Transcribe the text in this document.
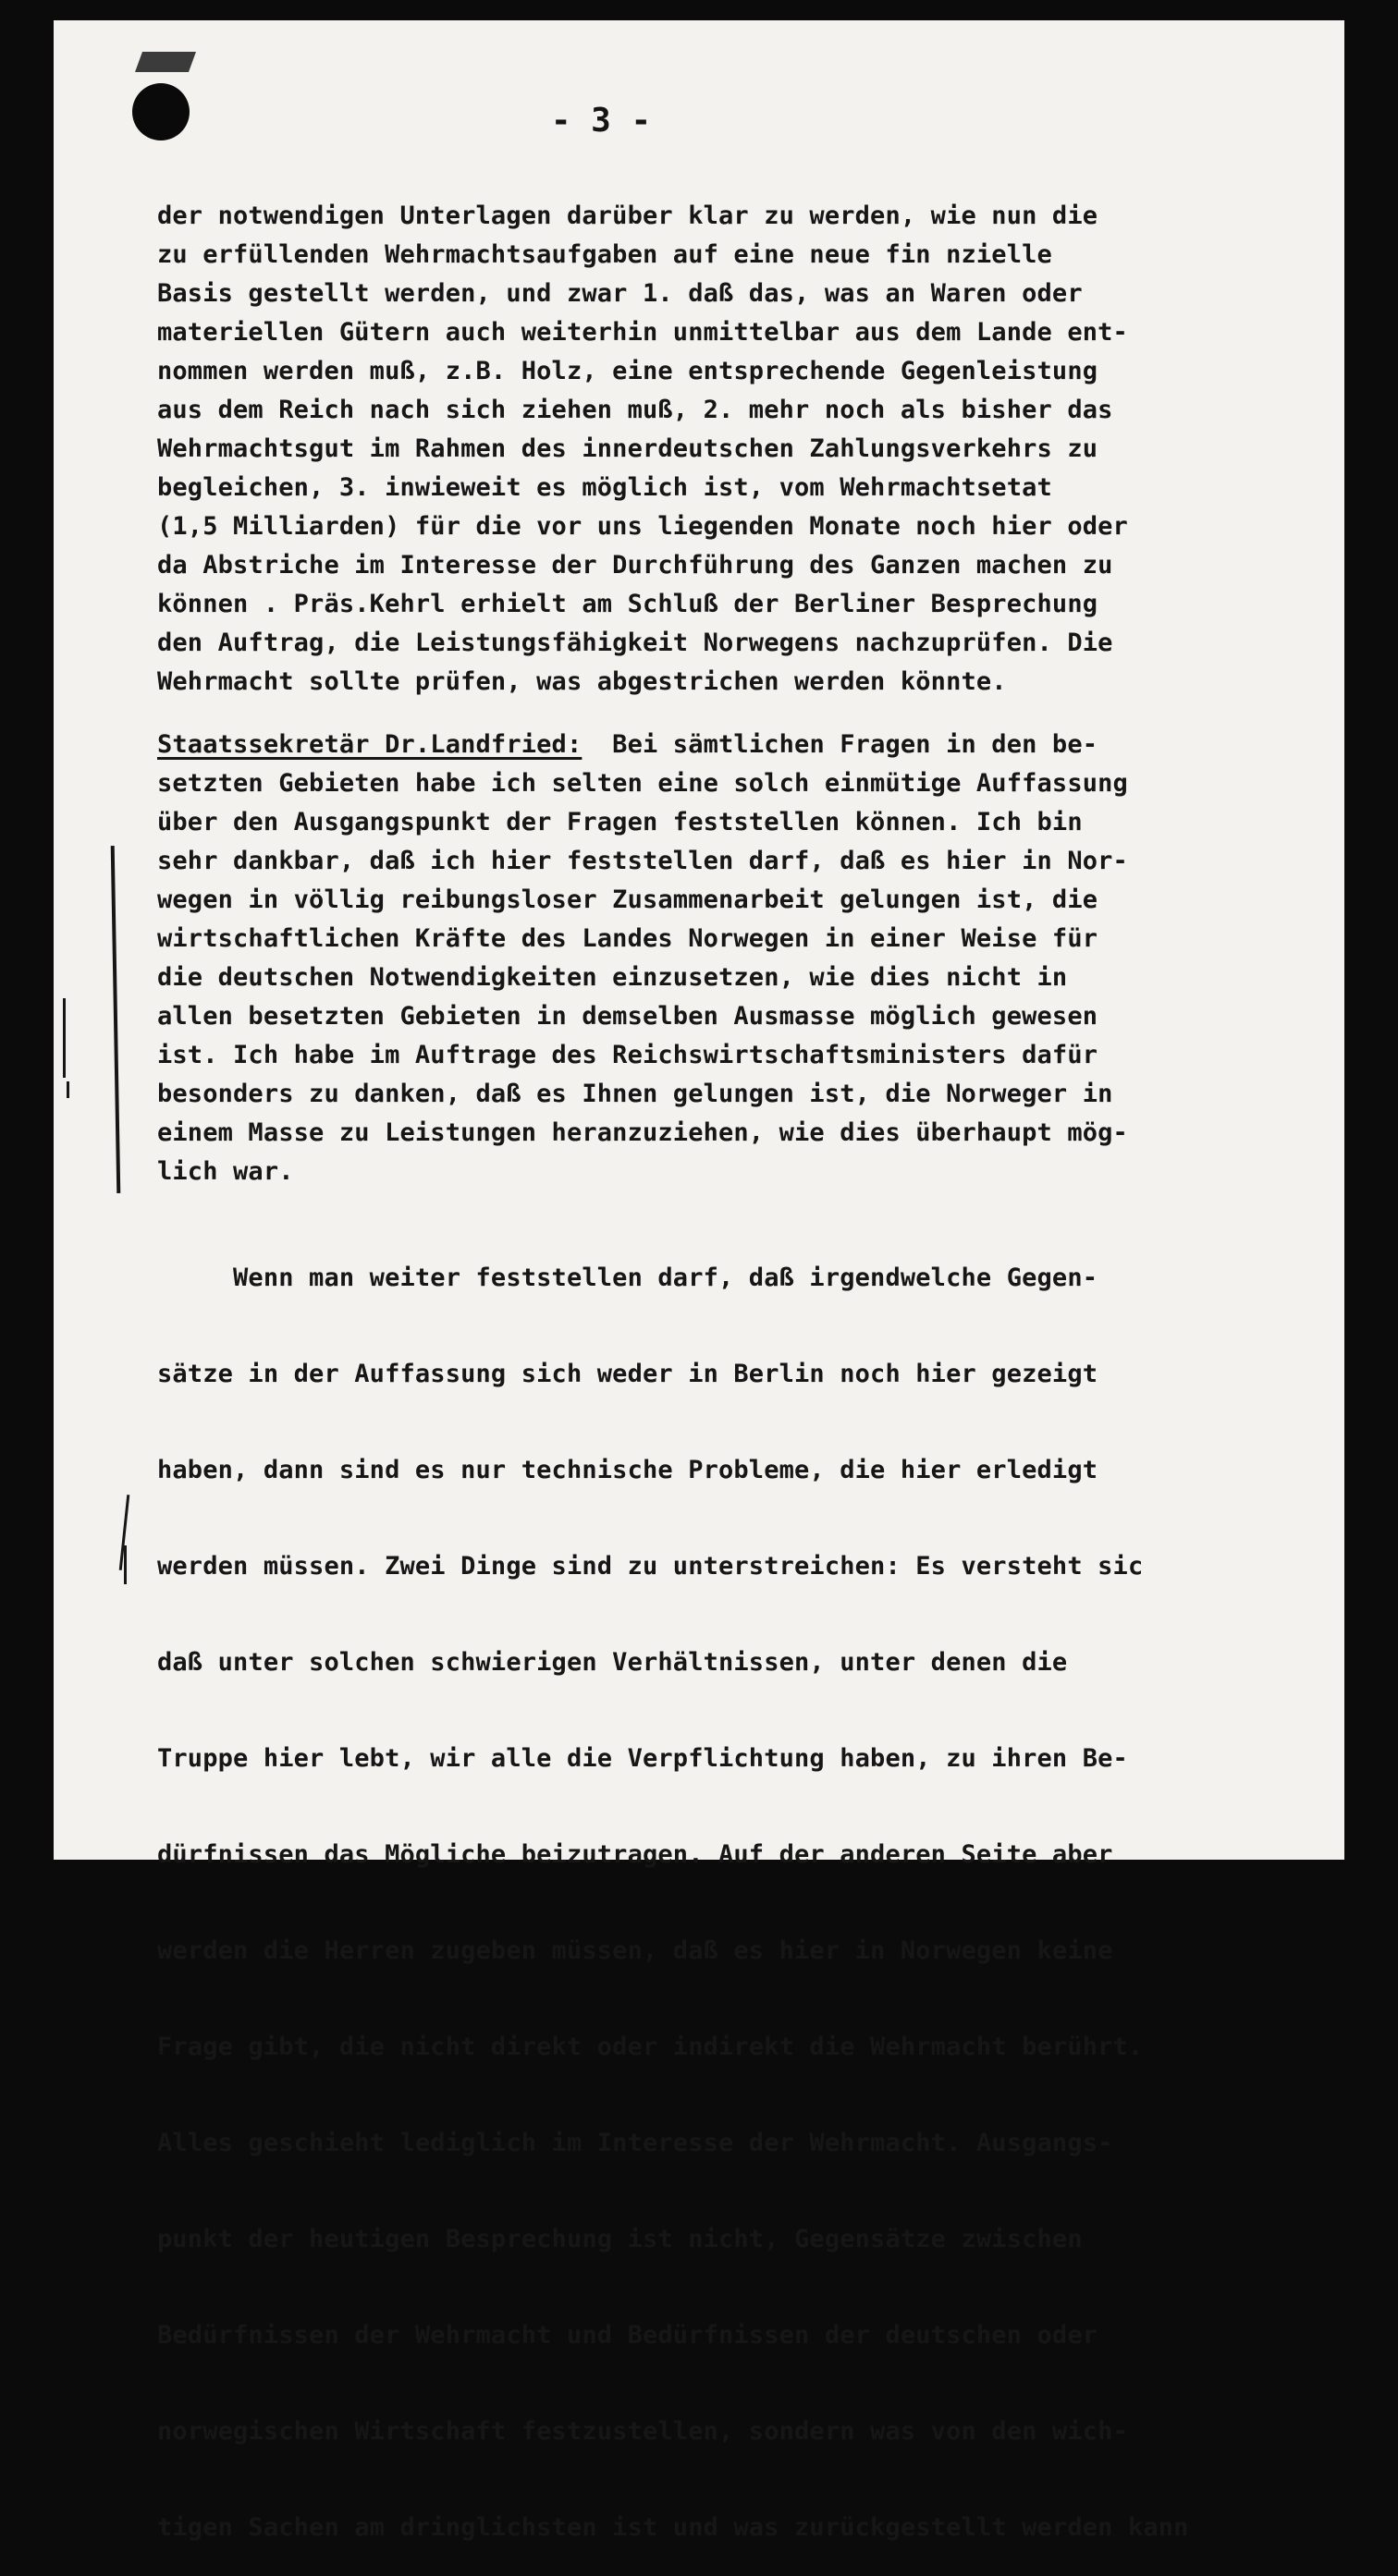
- 3 -
der notwendigen Unterlagen darüber klar zu werden, wie nun die
zu erfüllenden Wehrmachtsaufgaben auf eine neue fin nzielle
Basis gestellt werden, und zwar 1. daß das, was an Waren oder
materiellen Gütern auch weiterhin unmittelbar aus dem Lande ent-
nommen werden muß, z.B. Holz, eine entsprechende Gegenleistung
aus dem Reich nach sich ziehen muß, 2. mehr noch als bisher das
Wehrmachtsgut im Rahmen des innerdeutschen Zahlungsverkehrs zu
begleichen, 3. inwieweit es möglich ist, vom Wehrmachtsetat
(1,5 Milliarden) für die vor uns liegenden Monate noch hier oder
da Abstriche im Interesse der Durchführung des Ganzen machen zu
können . Präs.Kehrl erhielt am Schluß der Berliner Besprechung
den Auftrag, die Leistungsfähigkeit Norwegens nachzuprüfen. Die
Wehrmacht sollte prüfen, was abgestrichen werden könnte.
Staatssekretär Dr.Landfried: Bei sämtlichen Fragen in den be-
setzten Gebieten habe ich selten eine solch einmütige Auffassung
über den Ausgangspunkt der Fragen feststellen können. Ich bin
sehr dankbar, daß ich hier feststellen darf, daß es hier in Nor-
wegen in völlig reibungsloser Zusammenarbeit gelungen ist, die
wirtschaftlichen Kräfte des Landes Norwegen in einer Weise für
die deutschen Notwendigkeiten einzusetzen, wie dies nicht in
allen besetzten Gebieten in demselben Ausmasse möglich gewesen
ist. Ich habe im Auftrage des Reichswirtschaftsministers dafür
besonders zu danken, daß es Ihnen gelungen ist, die Norweger in
einem Masse zu Leistungen heranzuziehen, wie dies überhaupt mög-
lich war.

Wenn man weiter feststellen darf, daß irgendwelche Gegen-

sätze in der Auffassung sich weder in Berlin noch hier gezeigt

haben, dann sind es nur technische Probleme, die hier erledigt

werden müssen. Zwei Dinge sind zu unterstreichen: Es versteht sic

daß unter solchen schwierigen Verhältnissen, unter denen die

Truppe hier lebt, wir alle die Verpflichtung haben, zu ihren Be-

dürfnissen das Mögliche beizutragen. Auf der anderen Seite aber

werden die Herren zugeben müssen, daß es hier in Norwegen keine

Frage gibt, die nicht direkt oder indirekt die Wehrmacht berührt.

Alles geschieht lediglich im Interesse der Wehrmacht. Ausgangs-

punkt der heutigen Besprechung ist nicht, Gegensätze zwischen

Bedürfnissen der Wehrmacht und Bedürfnissen der deutschen oder

norwegischen Wirtschaft festzustellen, sondern was von den wich-

tigen Sachen am dringlichsten ist und was zurückgestellt werden kann
